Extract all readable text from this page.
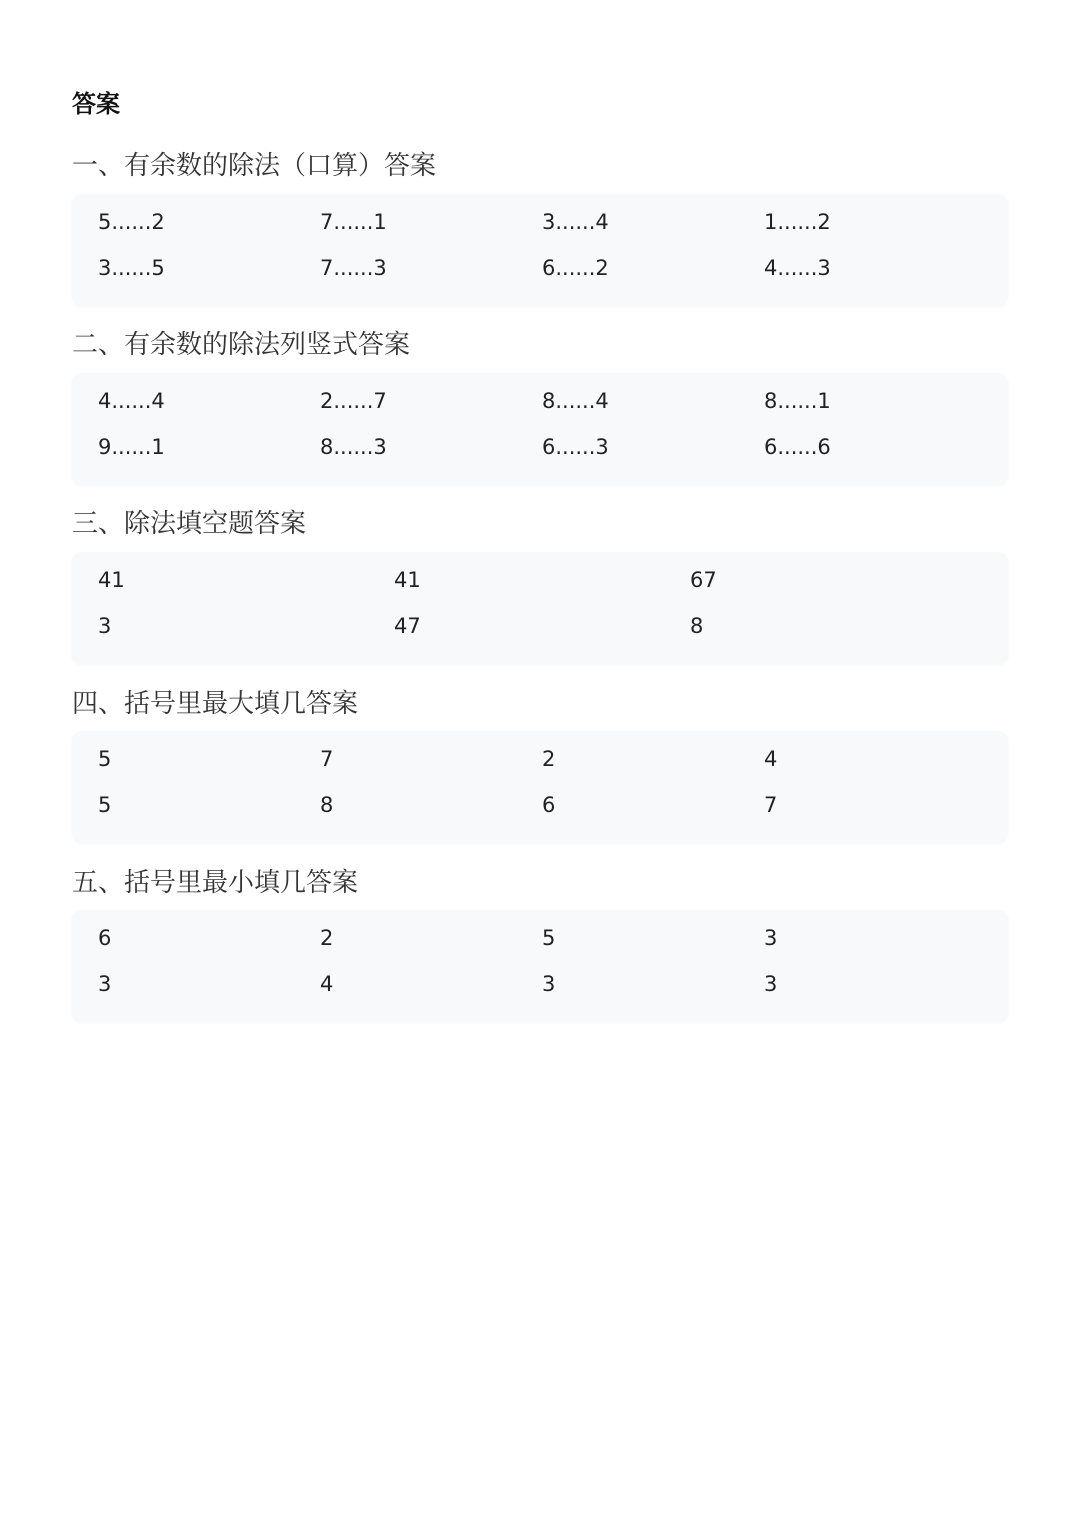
答案
一、有余数的除法（口算）答案
5......2	7......1	3......4	1......2
3......5	7......3	6......2	4......3
二、有余数的除法列竖式答案
4......4	2......7	8......4	8......1
9......1	8......3	6......3	6......6
三、除法填空题答案
41	41	67
3	47	8
四、括号里最大填几答案
5	7	2	4
5	8	6	7
五、括号里最小填几答案
6	2	5	3
3	4	3	3
